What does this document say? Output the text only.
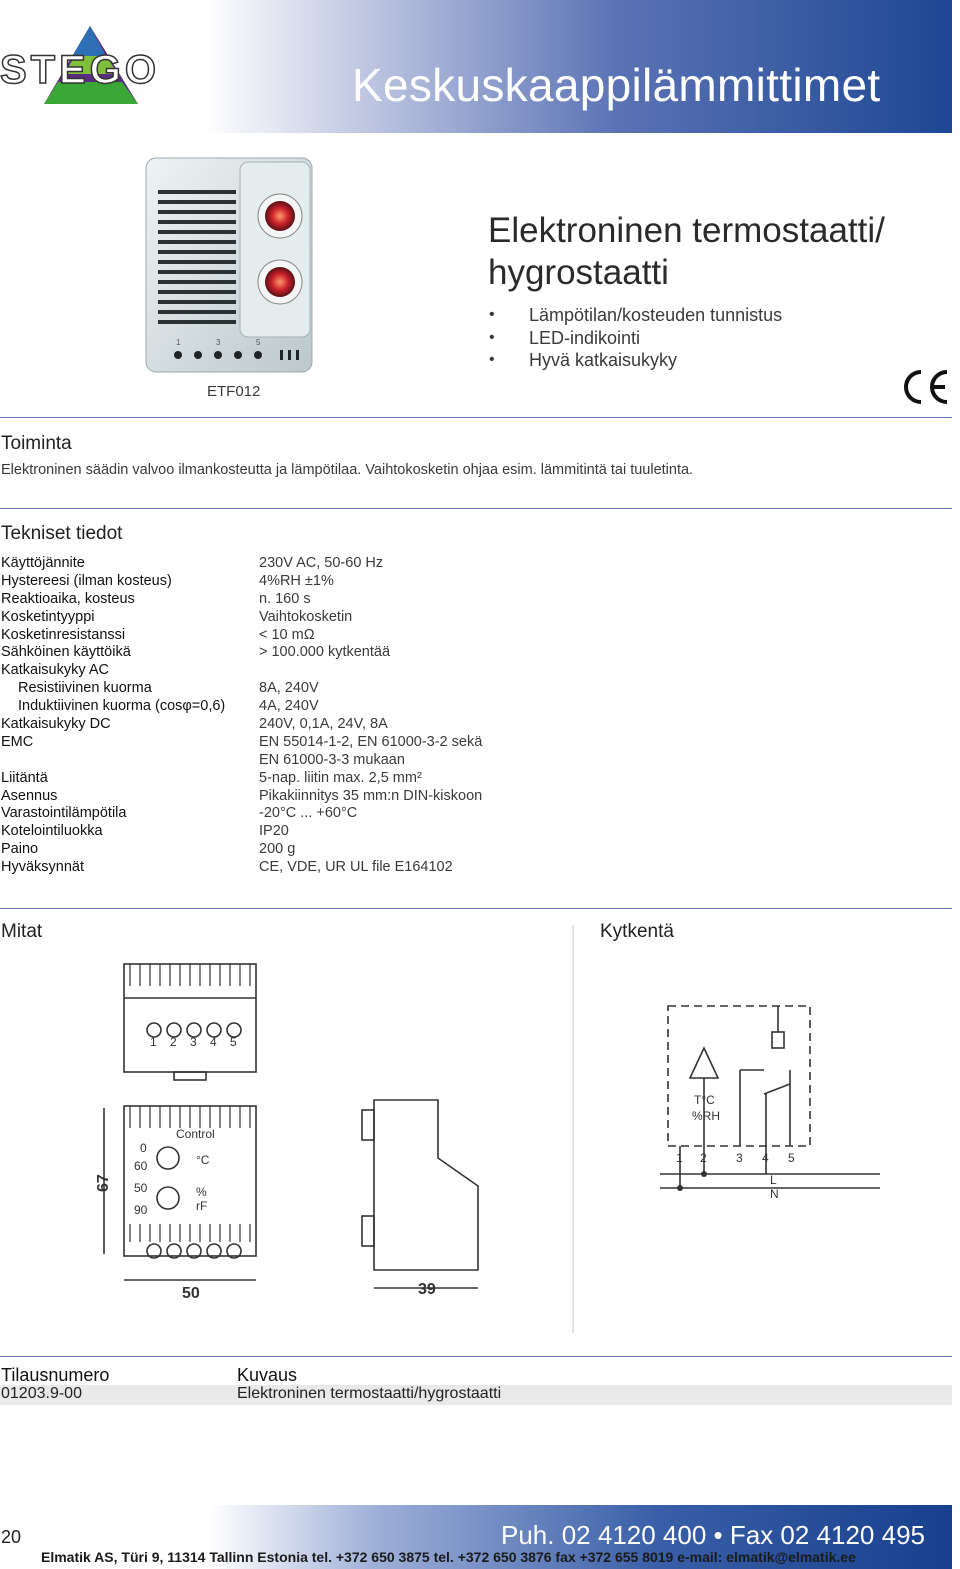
STEGO	Keskuskaappilämmittimet
1	3	5
ETF012
Elektroninen termostaatti/
hygrostaatti
• Lämpötilan/kosteuden tunnistus
• LED-indikointi
• Hyvä katkaisukyky
Toiminta
Elektroninen säädin valvoo ilmankosteutta ja lämpötilaa. Vaihtokosketin ohjaa esim. lämmitintä tai tuuletinta.
Tekniset tiedot
Käyttöjännite	230V AC, 50-60 Hz
Hystereesi (ilman kosteus)	4%RH ±1%
Reaktioaika, kosteus	n. 160 s
Kosketintyyppi	Vaihtokosketin
Kosketinresistanssi	< 10 mΩ
Sähköinen käyttöikä	> 100.000 kytkentää
Katkaisukyky AC
Resistiivinen kuorma	8A, 240V
Induktiivinen kuorma (cosφ=0,6) 4A, 240V
Katkaisukyky DC	240V, 0,1A, 24V, 8A
EMC	EN 55014-1-2, EN 61000-3-2 sekä
EN 61000-3-3 mukaan
Liitäntä	5-nap. liitin max. 2,5 mm²
Asennus	Pikakiinnitys 35 mm:n DIN-kiskoon
Varastointilämpötila	-20°C ... +60°C
Kotelointiluokka	IP20
Paino	200 g
Hyväksynnät	CE, VDE, UR UL file E164102
Mitat	Kytkentä
1 2 3 4 5
Control
0
60	°C
50
90
%
rF
67
50	39
T°C
%RH
1 2 3 4 5
L
N
Tilausnumero	Kuvaus
01203.9-00	Elektroninen termostaatti/hygrostaatti
20	Puh. 02 4120 400 • Fax 02 4120 495
Elmatik AS, Türi 9, 11314 Tallinn Estonia tel. +372 650 3875 tel. +372 650 3876 fax +372 655 8019 e-mail: elmatik@elmatik.ee
